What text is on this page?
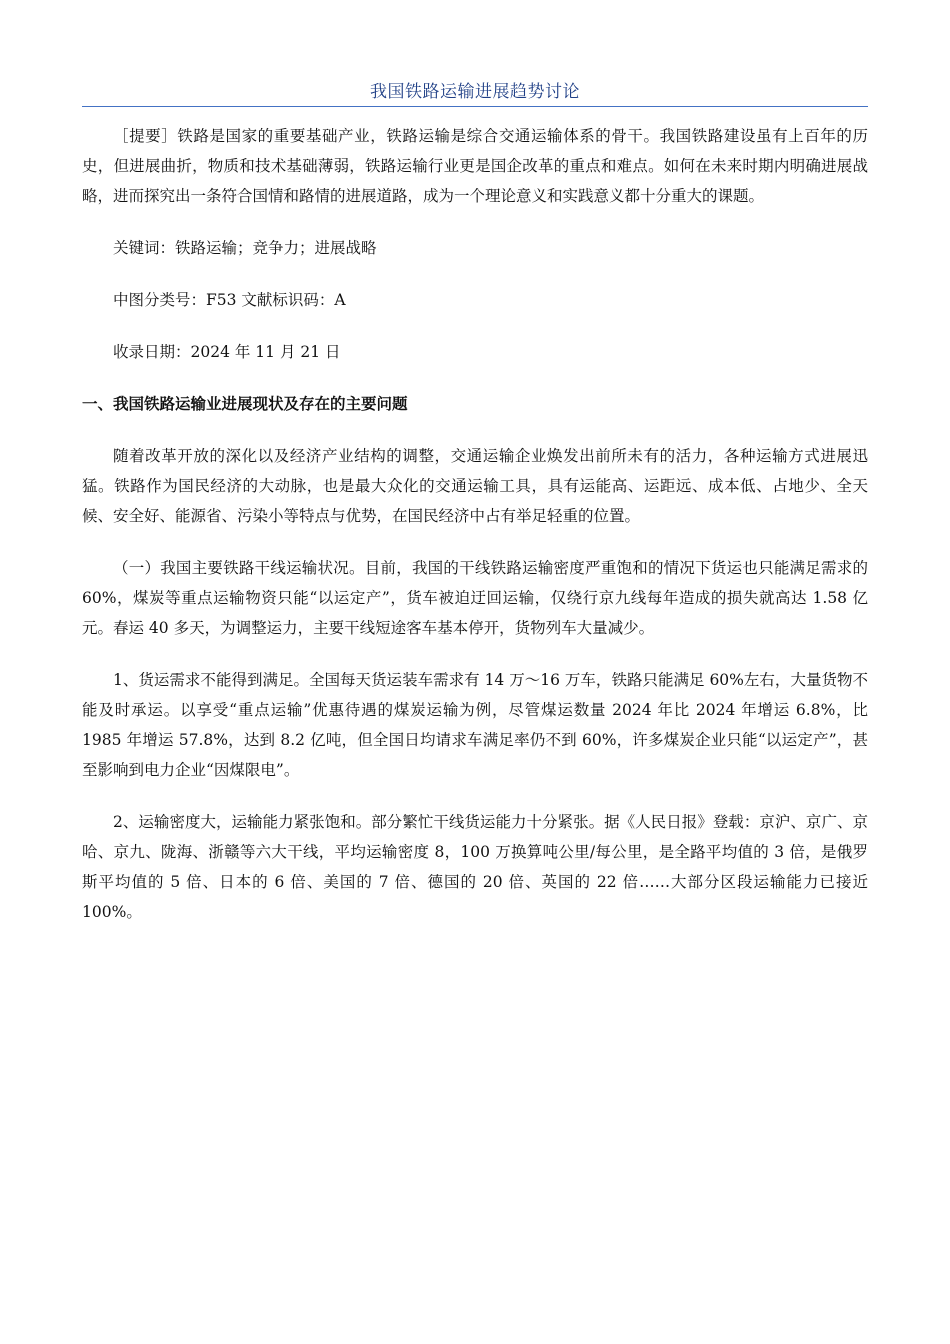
我国铁路运输进展趋势讨论

［提要］铁路是国家的重要基础产业，铁路运输是综合交通运输体系的骨干。我国铁路建设虽有上百年的历史，但进展曲折，物质和技术基础薄弱，铁路运输行业更是国企改革的重点和难点。如何在未来时期内明确进展战略，进而探究出一条符合国情和路情的进展道路，成为一个理论意义和实践意义都十分重大的课题。

关键词：铁路运输；竞争力；进展战略

中图分类号：F53 文献标识码：A

收录日期：2024 年 11 月 21 日

一、我国铁路运输业进展现状及存在的主要问题

随着改革开放的深化以及经济产业结构的调整，交通运输企业焕发出前所未有的活力，各种运输方式进展迅猛。铁路作为国民经济的大动脉，也是最大众化的交通运输工具，具有运能高、运距远、成本低、占地少、全天候、安全好、能源省、污染小等特点与优势，在国民经济中占有举足轻重的位置。

（一）我国主要铁路干线运输状况。目前，我国的干线铁路运输密度严重饱和的情况下货运也只能满足需求的 60%，煤炭等重点运输物资只能“以运定产”，货车被迫迂回运输，仅绕行京九线每年造成的损失就高达 1.58 亿元。春运 40 多天，为调整运力，主要干线短途客车基本停开，货物列车大量减少。

1、货运需求不能得到满足。全国每天货运装车需求有 14 万～16 万车，铁路只能满足 60%左右，大量货物不能及时承运。以享受“重点运输”优惠待遇的煤炭运输为例，尽管煤运数量 2024 年比 2024 年增运 6.8%，比 1985 年增运 57.8%，达到 8.2 亿吨，但全国日均请求车满足率仍不到 60%，许多煤炭企业只能“以运定产”，甚至影响到电力企业“因煤限电”。

2、运输密度大，运输能力紧张饱和。部分繁忙干线货运能力十分紧张。据《人民日报》登载：京沪、京广、京哈、京九、陇海、浙赣等六大干线，平均运输密度 8，100 万换算吨公里/每公里，是全路平均值的 3 倍，是俄罗斯平均值的 5 倍、日本的 6 倍、美国的 7 倍、德国的 20 倍、英国的 22 倍……大部分区段运输能力已接近 100%。
